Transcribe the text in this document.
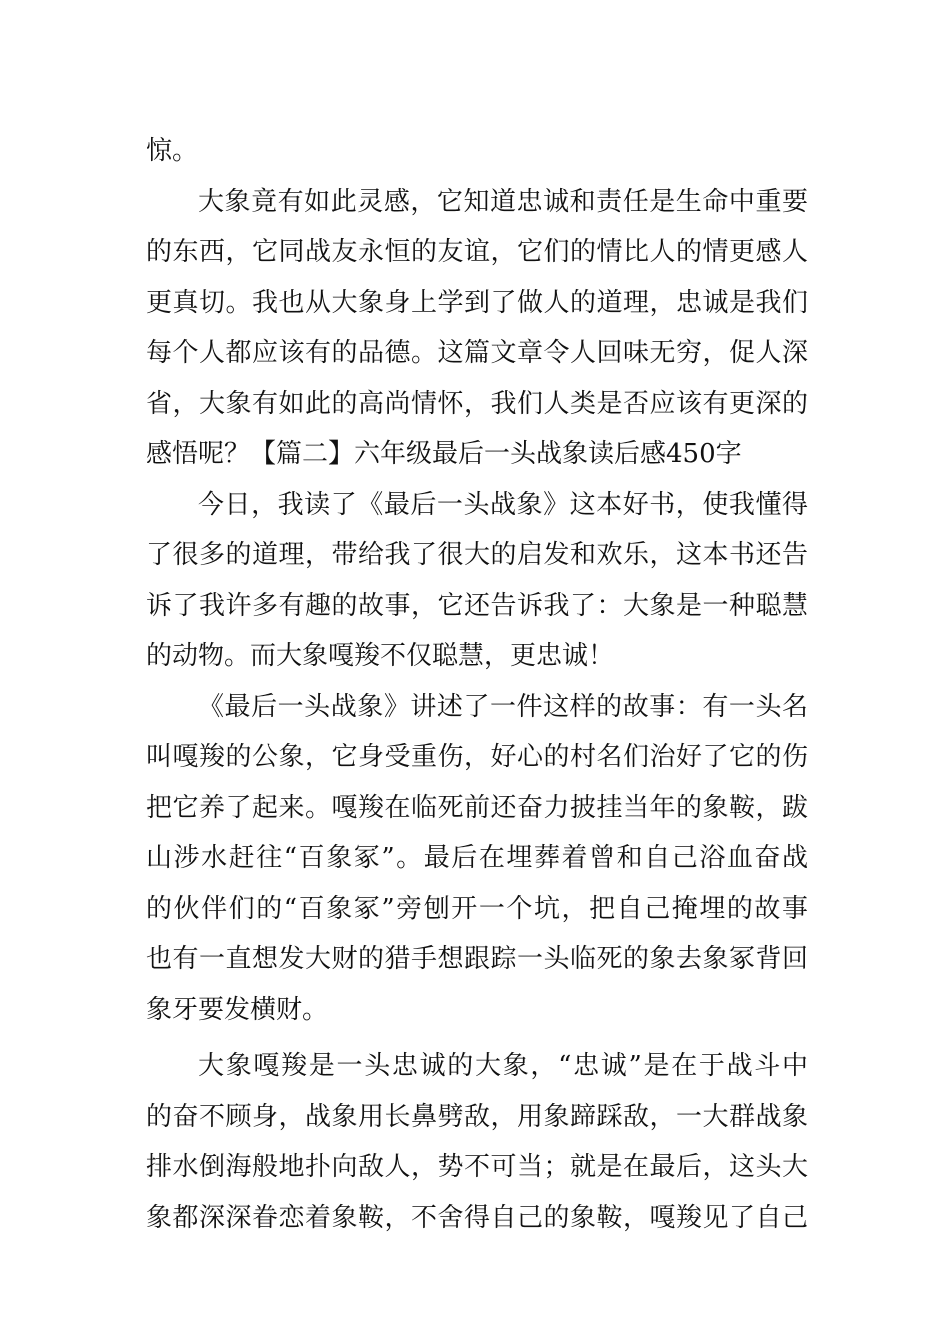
惊。
大象竟有如此灵感，它知道忠诚和责任是生命中重要
的东西，它同战友永恒的友谊，它们的情比人的情更感人
更真切。我也从大象身上学到了做人的道理，忠诚是我们
每个人都应该有的品德。这篇文章令人回味无穷，促人深
省，大象有如此的高尚情怀，我们人类是否应该有更深的
感悟呢？【篇二】六年级最后一头战象读后感450字
今日，我读了《最后一头战象》这本好书，使我懂得
了很多的道理，带给我了很大的启发和欢乐，这本书还告
诉了我许多有趣的故事，它还告诉我了：大象是一种聪慧
的动物。而大象嘎羧不仅聪慧，更忠诚！
《最后一头战象》讲述了一件这样的故事：有一头名
叫嘎羧的公象，它身受重伤，好心的村名们治好了它的伤
把它养了起来。嘎羧在临死前还奋力披挂当年的象鞍，跋
山涉水赶往“百象冢”。最后在埋葬着曾和自己浴血奋战
的伙伴们的“百象冢”旁刨开一个坑，把自己掩埋的故事
也有一直想发大财的猎手想跟踪一头临死的象去象冢背回
象牙要发横财。
大象嘎羧是一头忠诚的大象，“忠诚”是在于战斗中
的奋不顾身，战象用长鼻劈敌，用象蹄踩敌，一大群战象
排水倒海般地扑向敌人，势不可当；就是在最后，这头大
象都深深眷恋着象鞍，不舍得自己的象鞍，嘎羧见了自己
